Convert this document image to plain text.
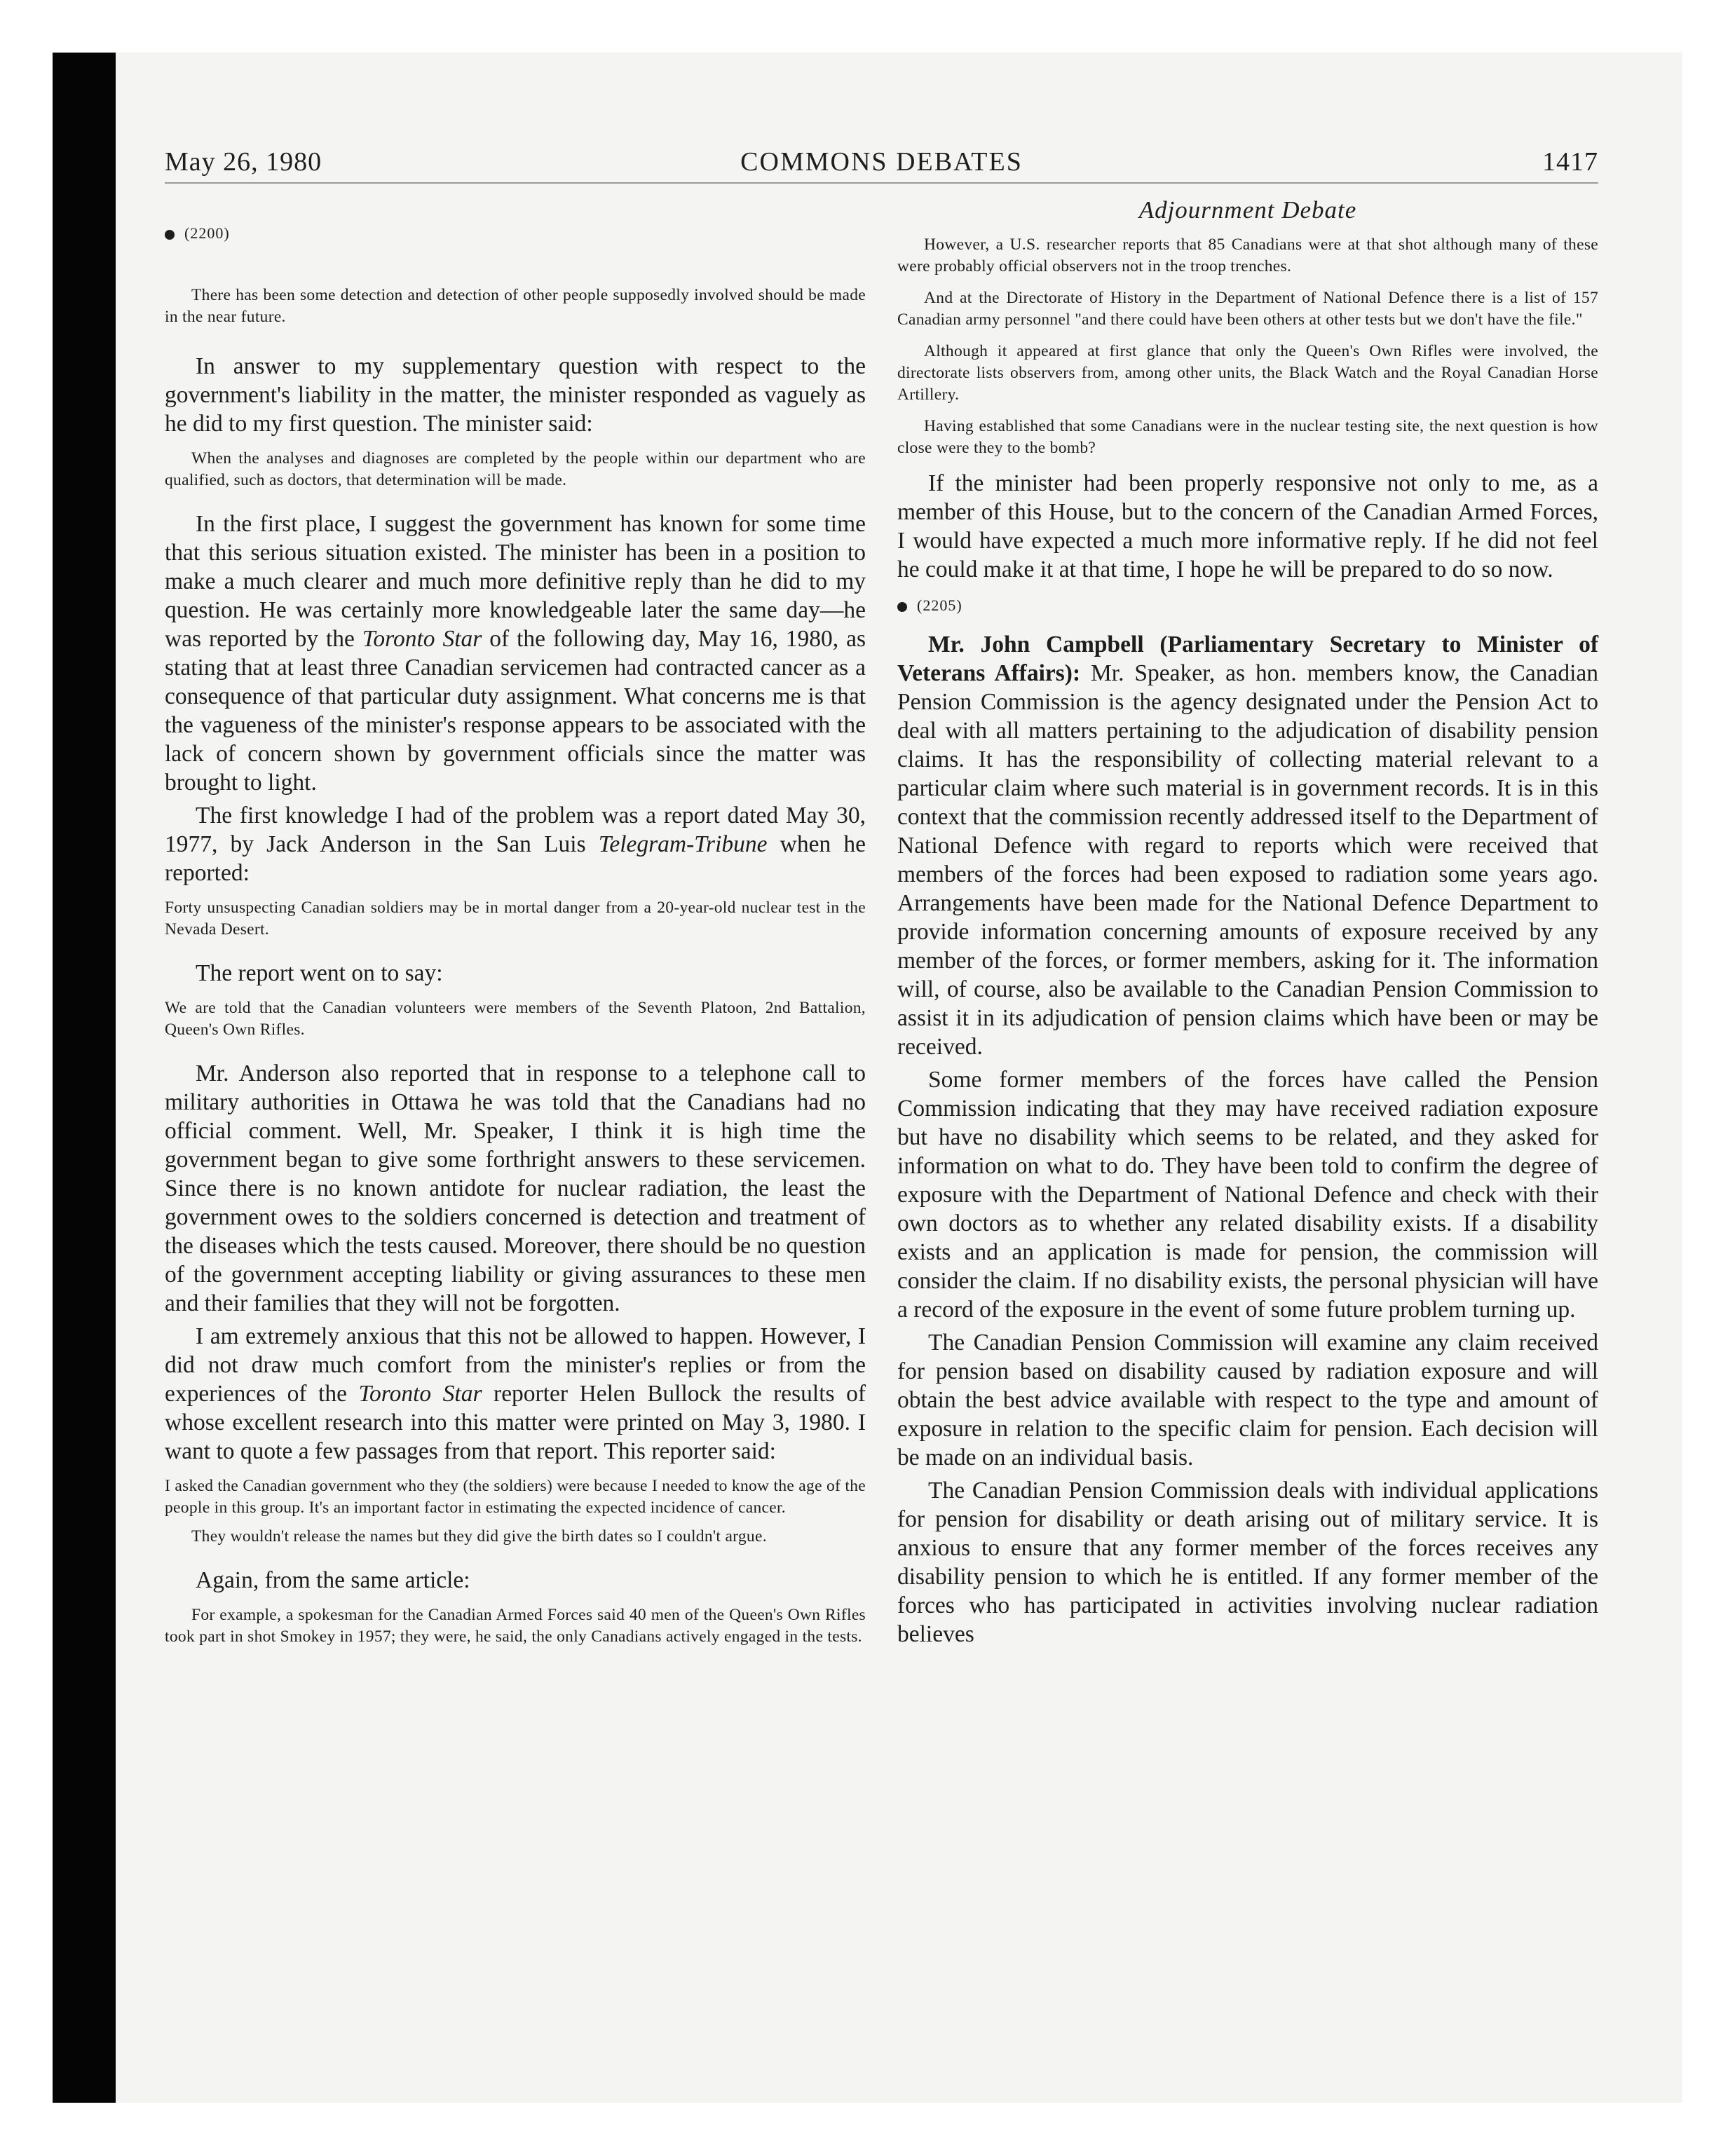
May 26, 1980	COMMONS DEBATES	1417
(2200)

There has been some detection and detection of other people supposedly involved should be made in the near future.

In answer to my supplementary question with respect to the government's liability in the matter, the minister responded as vaguely as he did to my first question. The minister said:

When the analyses and diagnoses are completed by the people within our department who are qualified, such as doctors, that determination will be made.

In the first place, I suggest the government has known for some time that this serious situation existed. The minister has been in a position to make a much clearer and much more definitive reply than he did to my question. He was certainly more knowledgeable later the same day—he was reported by the Toronto Star of the following day, May 16, 1980, as stating that at least three Canadian servicemen had contracted cancer as a consequence of that particular duty assignment. What concerns me is that the vagueness of the minister's response appears to be associated with the lack of concern shown by government officials since the matter was brought to light.

The first knowledge I had of the problem was a report dated May 30, 1977, by Jack Anderson in the San Luis Telegram-Tribune when he reported:

Forty unsuspecting Canadian soldiers may be in mortal danger from a 20-year-old nuclear test in the Nevada Desert.

The report went on to say:

We are told that the Canadian volunteers were members of the Seventh Platoon, 2nd Battalion, Queen's Own Rifles.

Mr. Anderson also reported that in response to a telephone call to military authorities in Ottawa he was told that the Canadians had no official comment. Well, Mr. Speaker, I think it is high time the government began to give some forthright answers to these servicemen. Since there is no known antidote for nuclear radiation, the least the government owes to the soldiers concerned is detection and treatment of the diseases which the tests caused. Moreover, there should be no question of the government accepting liability or giving assurances to these men and their families that they will not be forgotten.

I am extremely anxious that this not be allowed to happen. However, I did not draw much comfort from the minister's replies or from the experiences of the Toronto Star reporter Helen Bullock the results of whose excellent research into this matter were printed on May 3, 1980. I want to quote a few passages from that report. This reporter said:

I asked the Canadian government who they (the soldiers) were because I needed to know the age of the people in this group. It's an important factor in estimating the expected incidence of cancer.

They wouldn't release the names but they did give the birth dates so I couldn't argue.

Again, from the same article:

For example, a spokesman for the Canadian Armed Forces said 40 men of the Queen's Own Rifles took part in shot Smokey in 1957; they were, he said, the only Canadians actively engaged in the tests.

Adjournment Debate

However, a U.S. researcher reports that 85 Canadians were at that shot although many of these were probably official observers not in the troop trenches.

And at the Directorate of History in the Department of National Defence there is a list of 157 Canadian army personnel "and there could have been others at other tests but we don't have the file."

Although it appeared at first glance that only the Queen's Own Rifles were involved, the directorate lists observers from, among other units, the Black Watch and the Royal Canadian Horse Artillery.

Having established that some Canadians were in the nuclear testing site, the next question is how close were they to the bomb?

If the minister had been properly responsive not only to me, as a member of this House, but to the concern of the Canadian Armed Forces, I would have expected a much more informative reply. If he did not feel he could make it at that time, I hope he will be prepared to do so now.

(2205)

Mr. John Campbell (Parliamentary Secretary to Minister of Veterans Affairs): Mr. Speaker, as hon. members know, the Canadian Pension Commission is the agency designated under the Pension Act to deal with all matters pertaining to the adjudication of disability pension claims. It has the responsibility of collecting material relevant to a particular claim where such material is in government records. It is in this context that the commission recently addressed itself to the Department of National Defence with regard to reports which were received that members of the forces had been exposed to radiation some years ago. Arrangements have been made for the National Defence Department to provide information concerning amounts of exposure received by any member of the forces, or former members, asking for it. The information will, of course, also be available to the Canadian Pension Commission to assist it in its adjudication of pension claims which have been or may be received.

Some former members of the forces have called the Pension Commission indicating that they may have received radiation exposure but have no disability which seems to be related, and they asked for information on what to do. They have been told to confirm the degree of exposure with the Department of National Defence and check with their own doctors as to whether any related disability exists. If a disability exists and an application is made for pension, the commission will consider the claim. If no disability exists, the personal physician will have a record of the exposure in the event of some future problem turning up.

The Canadian Pension Commission will examine any claim received for pension based on disability caused by radiation exposure and will obtain the best advice available with respect to the type and amount of exposure in relation to the specific claim for pension. Each decision will be made on an individual basis.

The Canadian Pension Commission deals with individual applications for pension for disability or death arising out of military service. It is anxious to ensure that any former member of the forces receives any disability pension to which he is entitled. If any former member of the forces who has participated in activities involving nuclear radiation believes
